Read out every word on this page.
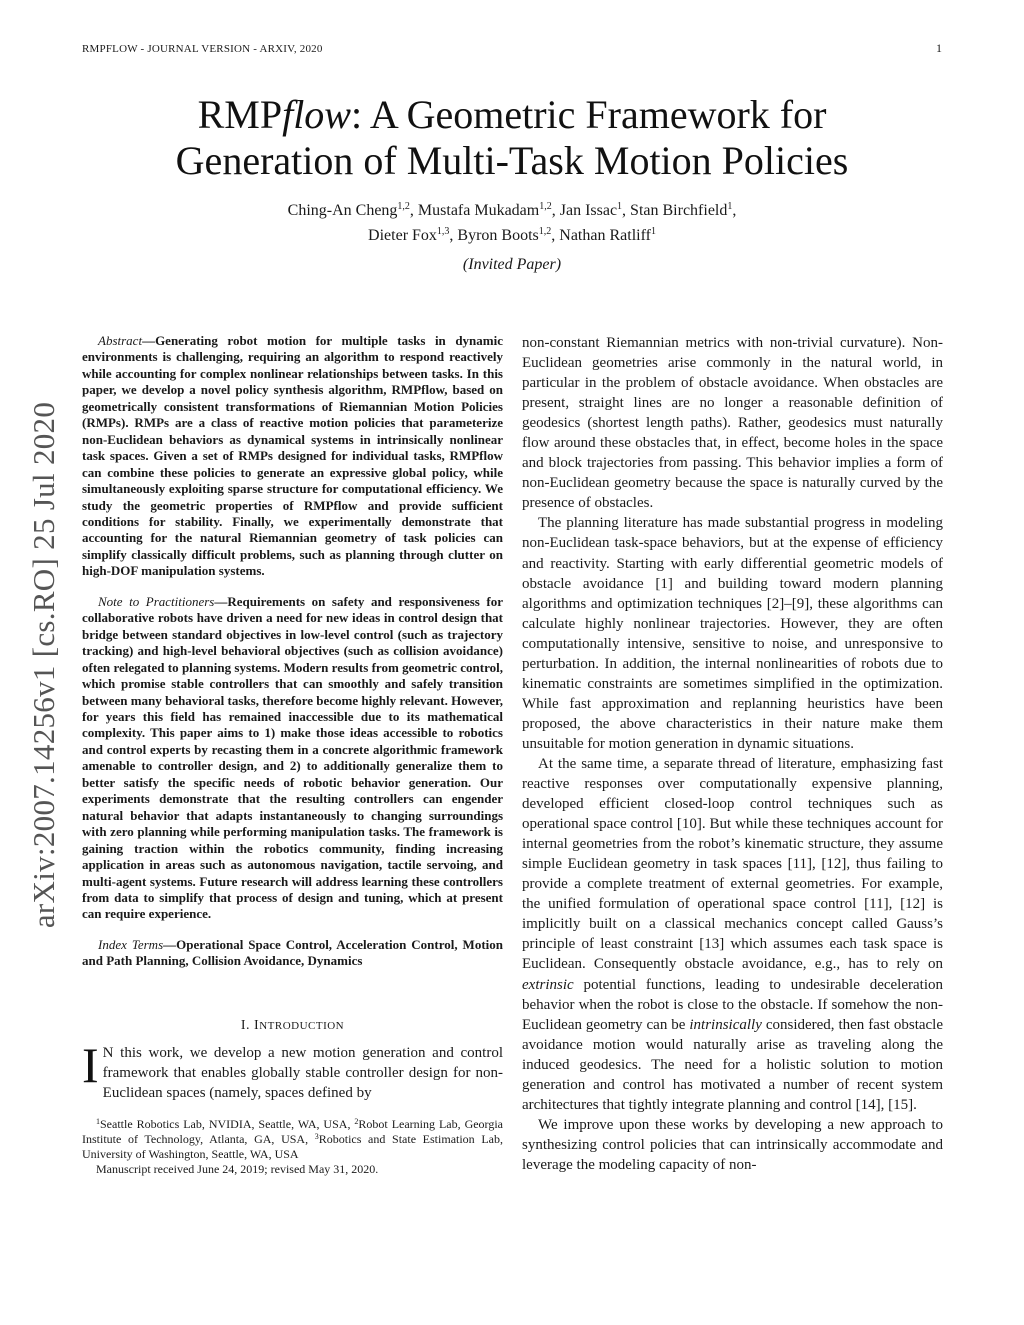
RMPFLOW - JOURNAL VERSION - ARXIV, 2020	1
arXiv:2007.14256v1 [cs.RO] 25 Jul 2020
RMPflow: A Geometric Framework for
Generation of Multi-Task Motion Policies
Ching-An Cheng$^{1,2}$, Mustafa Mukadam$^{1,2}$, Jan Issac$^1$, Stan Birchfield$^1$,
Dieter Fox$^{1,3}$, Byron Boots$^{1,2}$, Nathan Ratliff$^1$
(Invited Paper)

Abstract—Generating robot motion for multiple tasks in dynamic environments is challenging, requiring an algorithm to respond reactively while accounting for complex nonlinear relationships between tasks. In this paper, we develop a novel policy synthesis algorithm, RMPflow, based on geometrically consistent transformations of Riemannian Motion Policies (RMPs). RMPs are a class of reactive motion policies that parameterize non-Euclidean behaviors as dynamical systems in intrinsically nonlinear task spaces. Given a set of RMPs designed for individual tasks, RMPflow can combine these policies to generate an expressive global policy, while simultaneously exploiting sparse structure for computational efficiency. We study the geometric properties of RMPflow and provide sufficient conditions for stability. Finally, we experimentally demonstrate that accounting for the natural Riemannian geometry of task policies can simplify classically difficult problems, such as planning through clutter on high-DOF manipulation systems.

Note to Practitioners—Requirements on safety and responsiveness for collaborative robots have driven a need for new ideas in control design that bridge between standard objectives in low-level control (such as trajectory tracking) and high-level behavioral objectives (such as collision avoidance) often relegated to planning systems. Modern results from geometric control, which promise stable controllers that can smoothly and safely transition between many behavioral tasks, therefore become highly relevant. However, for years this field has remained inaccessible due to its mathematical complexity. This paper aims to 1) make those ideas accessible to robotics and control experts by recasting them in a concrete algorithmic framework amenable to controller design, and 2) to additionally generalize them to better satisfy the specific needs of robotic behavior generation. Our experiments demonstrate that the resulting controllers can engender natural behavior that adapts instantaneously to changing surroundings with zero planning while performing manipulation tasks. The framework is gaining traction within the robotics community, finding increasing application in areas such as autonomous navigation, tactile servoing, and multi-agent systems. Future research will address learning these controllers from data to simplify that process of design and tuning, which at present can require experience.

Index Terms—Operational Space Control, Acceleration Control, Motion and Path Planning, Collision Avoidance, Dynamics

I. INTRODUCTION

I N this work, we develop a new motion generation and control framework that enables globally stable controller design for non-Euclidean spaces (namely, spaces defined by

$^1$Seattle Robotics Lab, NVIDIA, Seattle, WA, USA, $^2$Robot Learning Lab, Georgia Institute of Technology, Atlanta, GA, USA, $^3$Robotics and State Estimation Lab, University of Washington, Seattle, WA, USA

Manuscript received June 24, 2019; revised May 31, 2020.

non-constant Riemannian metrics with non-trivial curvature). Non-Euclidean geometries arise commonly in the natural world, in particular in the problem of obstacle avoidance. When obstacles are present, straight lines are no longer a reasonable definition of geodesics (shortest length paths). Rather, geodesics must naturally flow around these obstacles that, in effect, become holes in the space and block trajectories from passing. This behavior implies a form of non-Euclidean geometry because the space is naturally curved by the presence of obstacles.

The planning literature has made substantial progress in modeling non-Euclidean task-space behaviors, but at the expense of efficiency and reactivity. Starting with early differential geometric models of obstacle avoidance [1] and building toward modern planning algorithms and optimization techniques [2]–[9], these algorithms can calculate highly nonlinear trajectories. However, they are often computationally intensive, sensitive to noise, and unresponsive to perturbation. In addition, the internal nonlinearities of robots due to kinematic constraints are sometimes simplified in the optimization. While fast approximation and replanning heuristics have been proposed, the above characteristics in their nature make them unsuitable for motion generation in dynamic situations.

At the same time, a separate thread of literature, emphasizing fast reactive responses over computationally expensive planning, developed efficient closed-loop control techniques such as operational space control [10]. But while these techniques account for internal geometries from the robot’s kinematic structure, they assume simple Euclidean geometry in task spaces [11], [12], thus failing to provide a complete treatment of external geometries. For example, the unified formulation of operational space control [11], [12] is implicitly built on a classical mechanics concept called Gauss’s principle of least constraint [13] which assumes each task space is Euclidean. Consequently obstacle avoidance, e.g., has to rely on extrinsic potential functions, leading to undesirable deceleration behavior when the robot is close to the obstacle. If somehow the non-Euclidean geometry can be intrinsically considered, then fast obstacle avoidance motion would naturally arise as traveling along the induced geodesics. The need for a holistic solution to motion generation and control has motivated a number of recent system architectures that tightly integrate planning and control [14], [15].

We improve upon these works by developing a new approach to synthesizing control policies that can intrinsically accommodate and leverage the modeling capacity of non-
